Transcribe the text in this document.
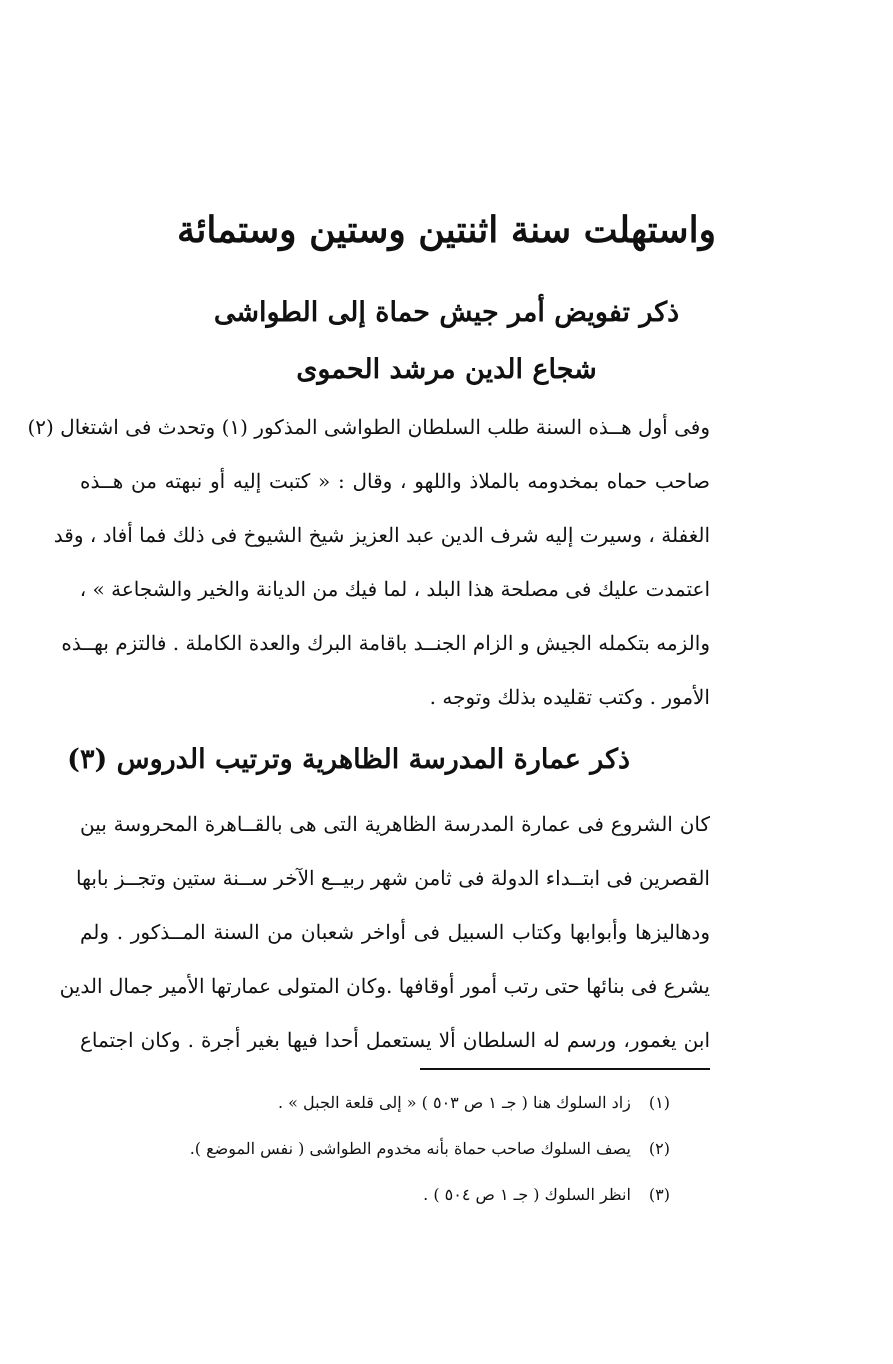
واستهلت سنة اثنتين وستين وستمائة
ذكر تفويض أمر جيش حماة إلى الطواشى
شجاع الدين مرشد الحموى
وفى أول هــذه السنة طلب السلطان الطواشى المذكور (١) وتحدث فى اشتغال (٢)
صاحب حماه بمخدومه بالملاذ واللهو ، وقال : « كتبت إليه أو نبهته من هــذه
الغفلة ، وسيرت إليه شرف الدين عبد العزيز شيخ الشيوخ فى ذلك فما أفاد ، وقد
اعتمدت عليك فى مصلحة هذا البلد ، لما فيك من الديانة والخير والشجاعة » ،
والزمه بتكمله الجيش و الزام الجنــد باقامة البرك والعدة الكاملة . فالتزم بهــذه
الأمور . وكتب تقليده بذلك وتوجه .
ذكر عمارة المدرسة الظاهرية وترتيب الدروس (٣)
كان الشروع فى عمارة المدرسة الظاهرية التى هى بالقــاهرة المحروسة بين
القصرين فى ابتــداء الدولة فى ثامن شهر ربيــع الآخر ســنة ستين وتجــز بابها
ودهاليزها وأبوابها وكتاب السبيل فى أواخر شعبان من السنة المــذكور . ولم
يشرع فى بنائها حتى رتب أمور أوقافها .وكان المتولى عمارتها الأمير جمال الدين
ابن يغمور، ورسم له السلطان ألا يستعمل أحدا فيها بغير أجرة . وكان اجتماع
(١) زاد السلوك هنا ( جـ ١ ص ٥٠٣ ) « إلى قلعة الجبل » .
(٢) يصف السلوك صاحب حماة بأنه مخدوم الطواشى ( نفس الموضع ).
(٣) انظر السلوك ( جـ ١ ص ٥٠٤ ) .
